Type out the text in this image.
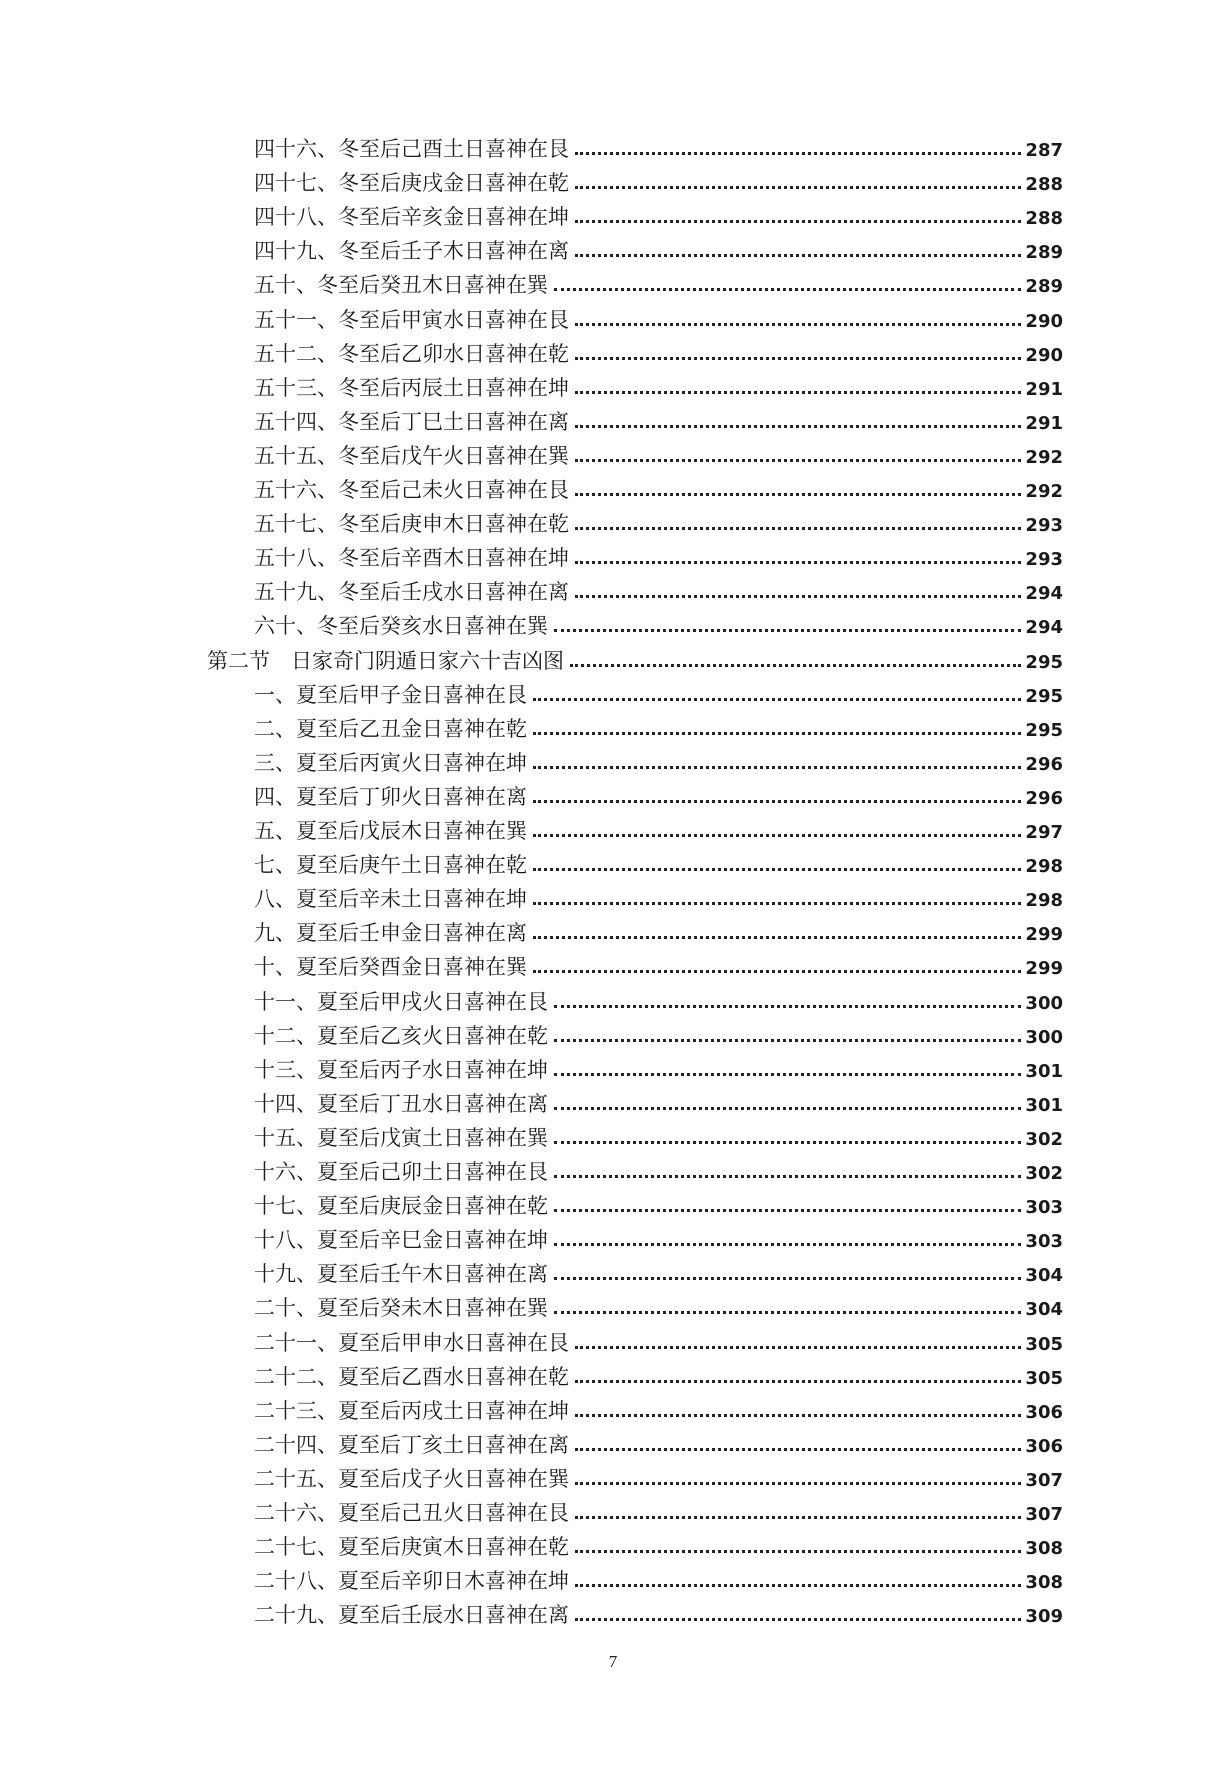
四十六、冬至后己酉土日喜神在艮	287
四十七、冬至后庚戌金日喜神在乾	288
四十八、冬至后辛亥金日喜神在坤	288
四十九、冬至后壬子木日喜神在离	289
五十、冬至后癸丑木日喜神在巽	289
五十一、冬至后甲寅水日喜神在艮	290
五十二、冬至后乙卯水日喜神在乾	290
五十三、冬至后丙辰土日喜神在坤	291
五十四、冬至后丁巳土日喜神在离	291
五十五、冬至后戊午火日喜神在巽	292
五十六、冬至后己未火日喜神在艮	292
五十七、冬至后庚申木日喜神在乾	293
五十八、冬至后辛酉木日喜神在坤	293
五十九、冬至后壬戌水日喜神在离	294
六十、冬至后癸亥水日喜神在巽	294
第二节　日家奇门阴遁日家六十吉凶图	295
一、夏至后甲子金日喜神在艮	295
二、夏至后乙丑金日喜神在乾	295
三、夏至后丙寅火日喜神在坤	296
四、夏至后丁卯火日喜神在离	296
五、夏至后戊辰木日喜神在巽	297
七、夏至后庚午土日喜神在乾	298
八、夏至后辛未土日喜神在坤	298
九、夏至后壬申金日喜神在离	299
十、夏至后癸酉金日喜神在巽	299
十一、夏至后甲戌火日喜神在艮	300
十二、夏至后乙亥火日喜神在乾	300
十三、夏至后丙子水日喜神在坤	301
十四、夏至后丁丑水日喜神在离	301
十五、夏至后戊寅土日喜神在巽	302
十六、夏至后己卯土日喜神在艮	302
十七、夏至后庚辰金日喜神在乾	303
十八、夏至后辛巳金日喜神在坤	303
十九、夏至后壬午木日喜神在离	304
二十、夏至后癸未木日喜神在巽	304
二十一、夏至后甲申水日喜神在艮	305
二十二、夏至后乙酉水日喜神在乾	305
二十三、夏至后丙戌土日喜神在坤	306
二十四、夏至后丁亥土日喜神在离	306
二十五、夏至后戊子火日喜神在巽	307
二十六、夏至后己丑火日喜神在艮	307
二十七、夏至后庚寅木日喜神在乾	308
二十八、夏至后辛卯日木喜神在坤	308
二十九、夏至后壬辰水日喜神在离	309
7
